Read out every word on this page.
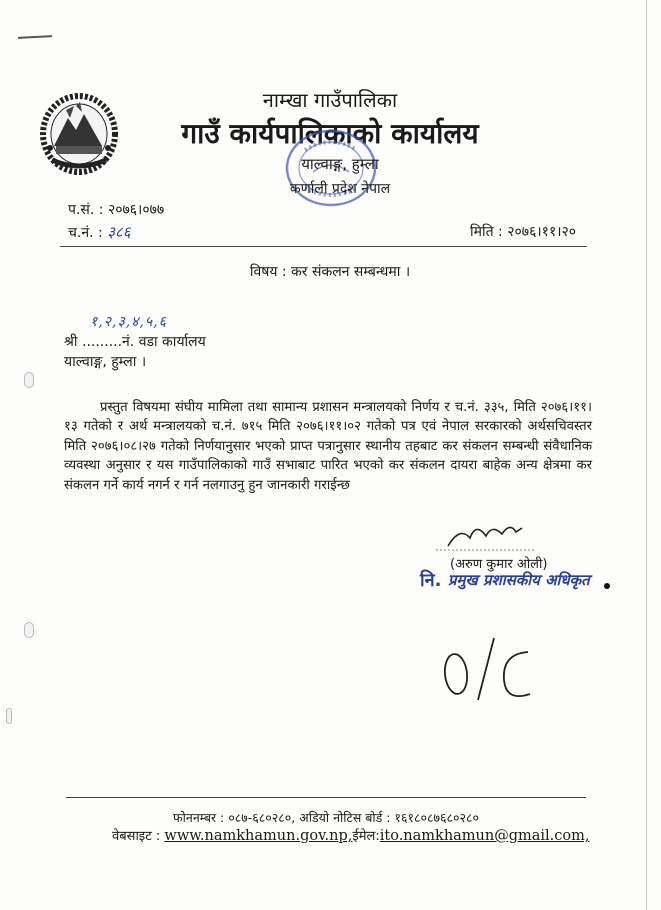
नाम्खा गाउँपालिका
गाउँ कार्यपालिकाको कार्यालय
याल्वाङ्ग, हुम्ला
कर्णाली प्रदेश नेपाल
प.सं. : २०७६।०७७
च.नं. : ३८६	मिति : २०७६।११।२०
विषय : कर संकलन सम्बन्धमा ।
१,२,३,४,५,६
श्री .........नं. वडा कार्यालय
याल्वाङ्ग, हुम्ला ।
प्रस्तुत विषयमा संघीय मामिला तथा सामान्य प्रशासन मन्त्रालयको निर्णय र च.नं. ३३५, मिति २०७६।११।१३ गतेको र अर्थ मन्त्रालयको च.नं. ७१५ मिति २०७६।११।०२ गतेको पत्र एवं नेपाल सरकारको अर्थसचिवस्तर मिति २०७६।०८।२७ गतेको निर्णयानुसार भएको प्राप्त पत्रानुसार स्थानीय तहबाट कर संकलन सम्बन्धी संवैधानिक व्यवस्था अनुसार र यस गाउँपालिकाको गाउँ सभाबाट पारित भएको कर संकलन दायरा बाहेक अन्य क्षेत्रमा कर संकलन गर्ने कार्य नगर्न र गर्न नलगाउनु हुन जानकारी गराईन्छ
(अरुण कुमार ओली)
नि. प्रमुख प्रशासकीय अधिकृत
फोननम्बर : ०८७-६८०२८०, अडियो नोटिस बोर्ड : १६१८०८७६८०२८०
वेबसाइट : www.namkhamun.gov.np,ईमेल:ito.namkhamun@gmail.com,
